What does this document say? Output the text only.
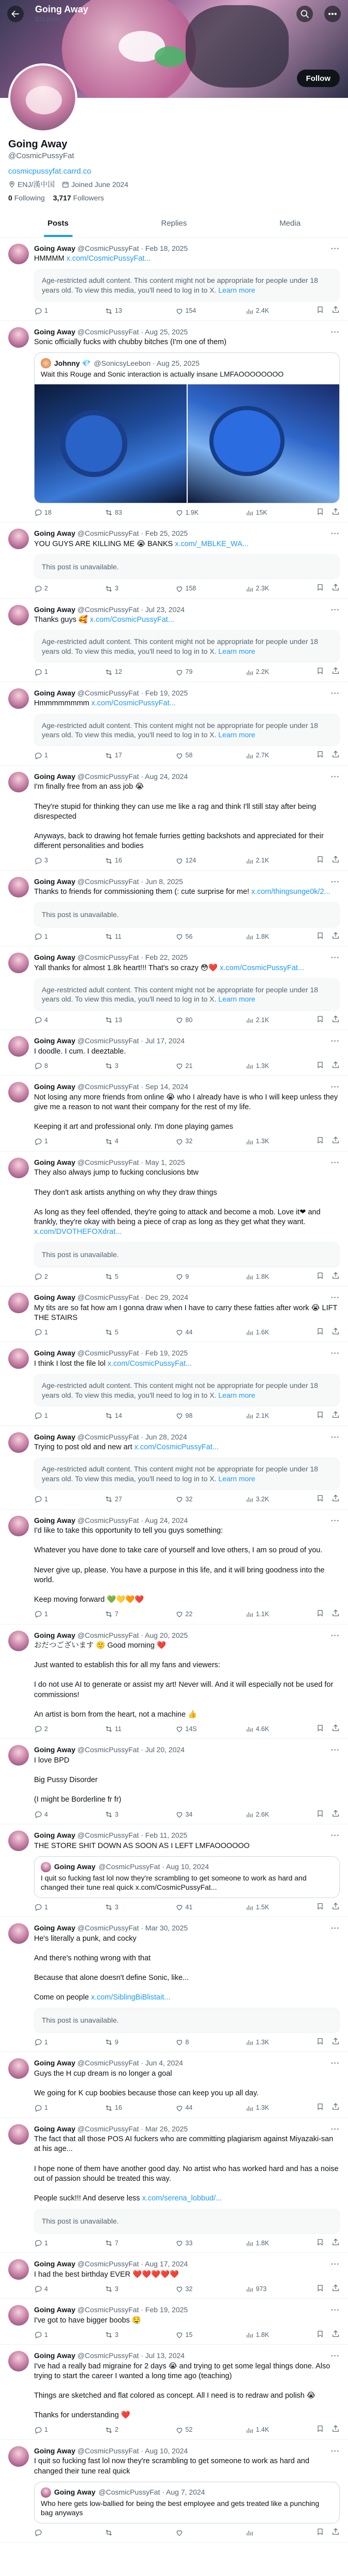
Going Away
811 posts
Follow
Going Away
@CosmicPussyFat
cosmicpussyfat.carrd.co
ENJ/漢中国 Joined June 2024
0 Following 3,717 Followers
Posts	Replies	Media
Going Away @CosmicPussyFat · Feb 18, 2025	···
HMMMM x.com/CosmicPussyFat...
Age-restricted adult content. This content might not be appropriate for people under 18 years old. To view this media, you'll need to log in to X. Learn more
1	13	154	2.4K
Going Away @CosmicPussyFat · Aug 25, 2025	···
Sonic officially fucks with chubby bitches (I'm one of them)
Johnny 💎 @SonicsyLeebon · Aug 25, 2025
Wait this Rouge and Sonic interaction is actually insane LMFAOOOOOOOO
18	83	1.9K	15K
Going Away @CosmicPussyFat · Feb 25, 2025	···
YOU GUYS ARE KILLING ME 😭 BANKS x.com/_MBLKE_WA...
This post is unavailable.
2	3	158	2.3K
Going Away @CosmicPussyFat · Jul 23, 2024	···
Thanks guys 🥰 x.com/CosmicPussyFat...
Age-restricted adult content. This content might not be appropriate for people under 18 years old. To view this media, you'll need to log in to X. Learn more
1	12	79	2.2K
Going Away @CosmicPussyFat · Feb 19, 2025	···
Hmmmmmmmm x.com/CosmicPussyFat...
Age-restricted adult content. This content might not be appropriate for people under 18 years old. To view this media, you'll need to log in to X. Learn more
1	17	58	2.7K
Going Away @CosmicPussyFat · Aug 24, 2024	···
I'm finally free from an ass job 😭

They're stupid for thinking they can use me like a rag and think I'll still stay after being disrespected

Anyways, back to drawing hot female furries getting backshots and appreciated for their different personalities and bodies
3	16	124	2.1K
Going Away @CosmicPussyFat · Jun 8, 2025	···
Thanks to friends for commissioning them (: cute surprise for me! x.com/thingsunge0k/2...
This post is unavailable.
1	11	56	1.8K
Going Away @CosmicPussyFat · Feb 22, 2025	···
Yall thanks for almost 1.8k heart!!! That's so crazy 😳❤️ x.com/CosmicPussyFat...
Age-restricted adult content. This content might not be appropriate for people under 18 years old. To view this media, you'll need to log in to X. Learn more
4	13	80	2.1K
Going Away @CosmicPussyFat · Jul 17, 2024	···
I doodle. I cum. I deeztable.
8	3	21	1.3K
Going Away @CosmicPussyFat · Sep 14, 2024	···
Not losing any more friends from online 😭 who I already have is who I will keep unless they give me a reason to not want their company for the rest of my life.

Keeping it art and professional only. I'm done playing games
1	4	32	1.3K
Going Away @CosmicPussyFat · May 1, 2025	···
They also always jump to fucking conclusions btw

They don't ask artists anything on why they draw things

As long as they feel offended, they're going to attack and become a mob. Love it❤ and frankly, they're okay with being a piece of crap as long as they get what they want. x.com/DVOTHEFOXdrat...
This post is unavailable.
2	5	9	1.8K
Going Away @CosmicPussyFat · Dec 29, 2024	···
My tits are so fat how am I gonna draw when I have to carry these fatties after work 😭 LIFT THE STAIRS
1	5	44	1.6K
Going Away @CosmicPussyFat · Feb 19, 2025	···
I think I lost the file lol x.com/CosmicPussyFat...
Age-restricted adult content. This content might not be appropriate for people under 18 years old. To view this media, you'll need to log in to X. Learn more
1	14	98	2.1K
Going Away @CosmicPussyFat · Jun 28, 2024	···
Trying to post old and new art x.com/CosmicPussyFat...
Age-restricted adult content. This content might not be appropriate for people under 18 years old. To view this media, you'll need to log in to X. Learn more
1	27	32	3.2K
Going Away @CosmicPussyFat · Aug 24, 2024	···
I'd like to take this opportunity to tell you guys something:

Whatever you have done to take care of yourself and love others, I am so proud of you.

Never give up, please. You have a purpose in this life, and it will bring goodness into the world.

Keep moving forward 💚💛🧡❤️
1	7	22	1.1K
Going Away @CosmicPussyFat · Aug 20, 2025	···
おだつございます 🙂 Good morning ❤️

Just wanted to establish this for all my fans and viewers:

I do not use AI to generate or assist my art! Never will. And it will especially not be used for commissions!

An artist is born from the heart, not a machine 👍
2	11	14S	4.6K
Going Away @CosmicPussyFat · Jul 20, 2024	···
I love BPD

Big Pussy Disorder

(I might be Borderline fr fr)
4	3	34	2.6K
Going Away @CosmicPussyFat · Feb 11, 2025	···
THE STORE SHIT DOWN AS SOON AS I LEFT LMFAOOOOOO
Going Away @CosmicPussyFat · Aug 10, 2024
I quit so fucking fast lol now they're scrambling to get someone to work as hard and changed their tune real quick x.com/CosmicPussyFat...
1	3	41	1.5K
Going Away @CosmicPussyFat · Mar 30, 2025	···
He's literally a punk, and cocky

And there's nothing wrong with that

Because that alone doesn't define Sonic, like...

Come on people x.com/SiblingBiBlistait...
This post is unavailable.
1	9	8	1.3K
Going Away @CosmicPussyFat · Jun 4, 2024	···
Guys the H cup dream is no longer a goal

We going for K cup boobies because those can keep you up all day.
1	16	44	1.3K
Going Away @CosmicPussyFat · Mar 26, 2025	···
The fact that all those POS AI fuckers who are committing plagiarism against Miyazaki-san at his age...

I hope none of them have another good day. No artist who has worked hard and has a noise out of passion should be treated this way.

People suck!!! And deserve less x.com/serena_lobbud/...
This post is unavailable.
1	7	33	1.8K
Going Away @CosmicPussyFat · Aug 17, 2024	···
I had the best birthday EVER ❤️❤️❤️❤️❤️
4	3	32	973
Going Away @CosmicPussyFat · Feb 19, 2025	···
I've got to have bigger boobs 🤤
1	3	15	1.8K
Going Away @CosmicPussyFat · Jul 13, 2024	···
I've had a really bad migraine for 2 days 😭 and trying to get some legal things done. Also trying to start the career I wanted a long time ago (teaching)

Things are sketched and flat colored as concept. All I need is to redraw and polish 😭

Thanks for understanding ❤️
1	2	52	1.4K
Going Away @CosmicPussyFat · Aug 10, 2024	···
I quit so fucking fast lol now they're scrambling to get someone to work as hard and changed their tune real quick
Going Away @CosmicPussyFat · Aug 7, 2024
Who here gets low-ballied for being the best employee and gets treated like a punching bag anyways
